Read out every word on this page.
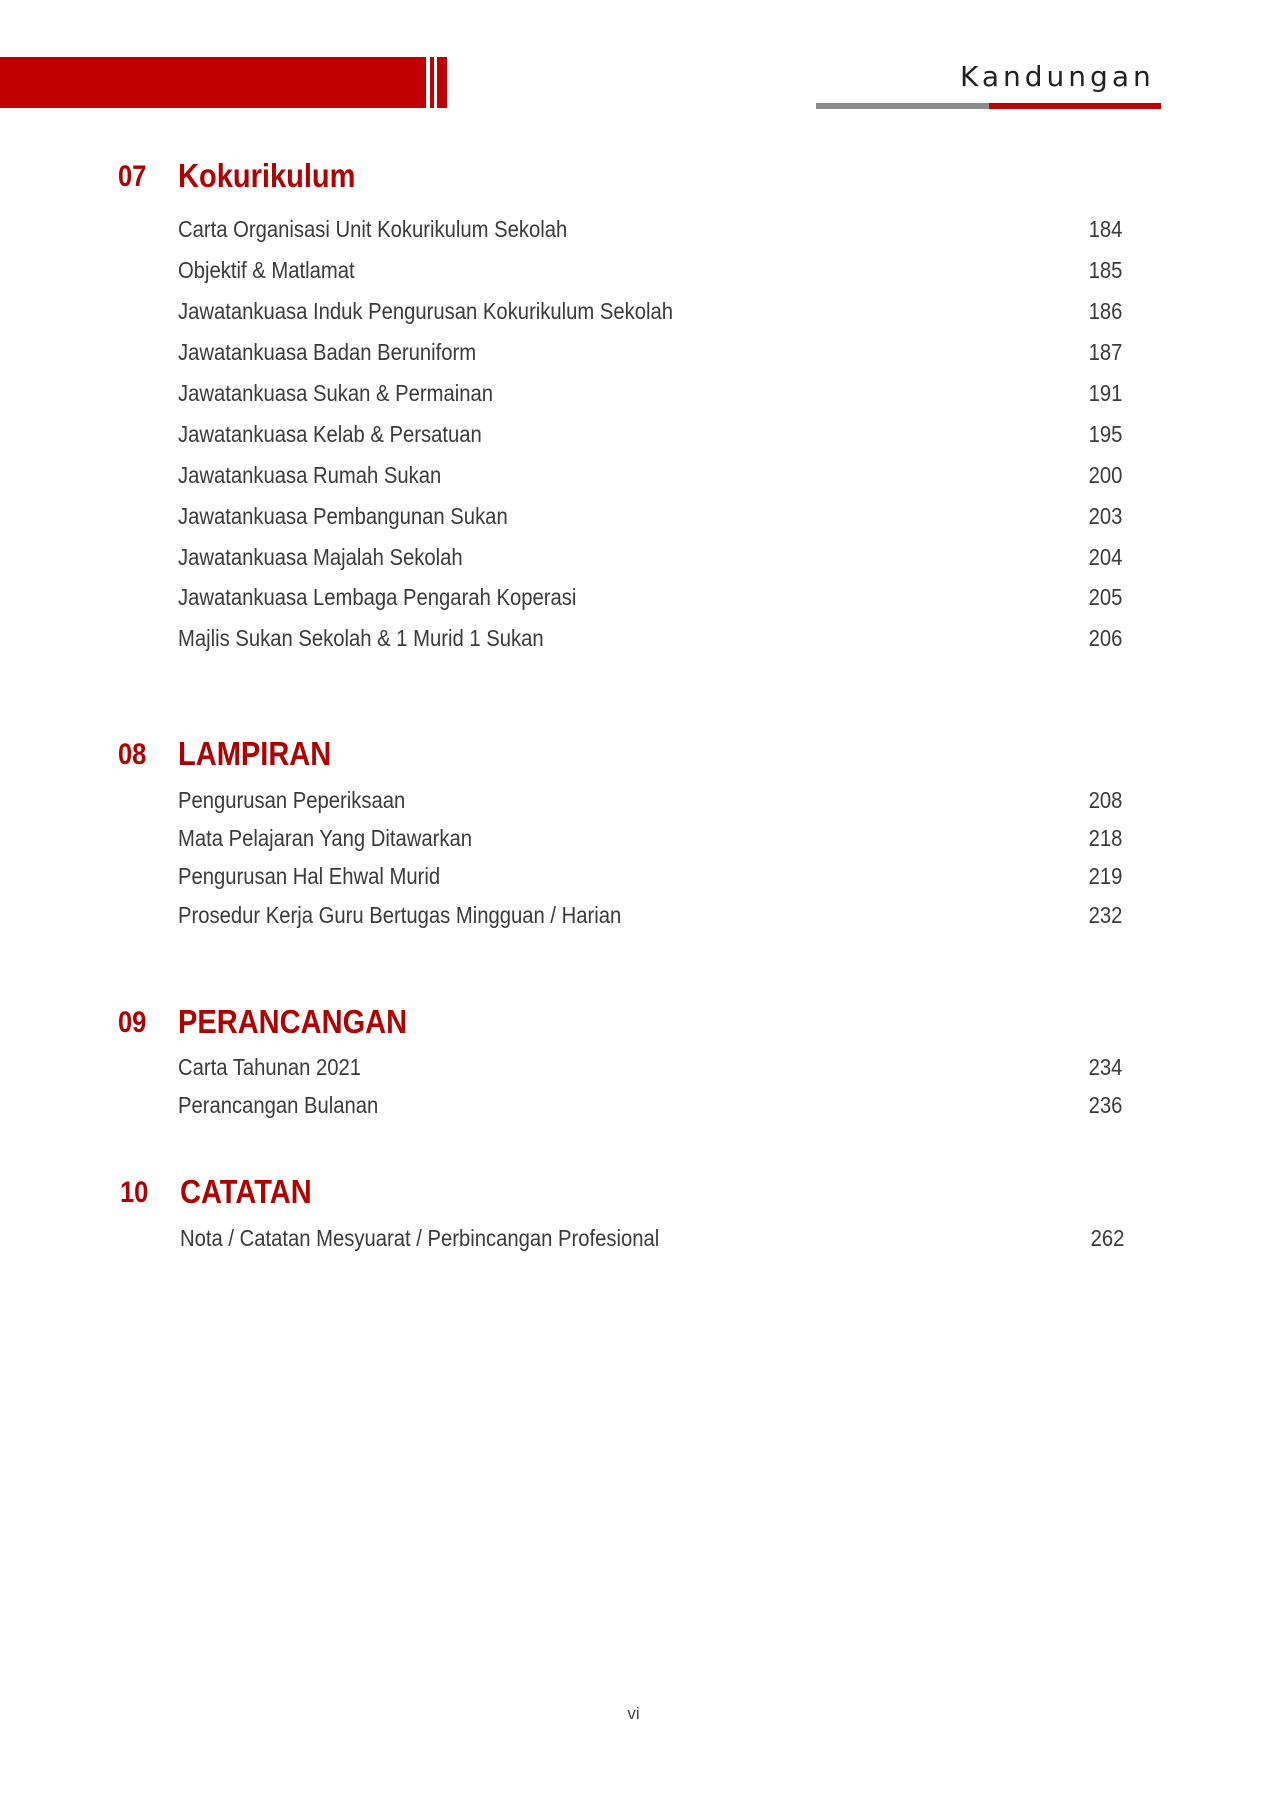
Kandungan
07 Kokurikulum
Carta Organisasi Unit Kokurikulum Sekolah	184
Objektif & Matlamat	185
Jawatankuasa Induk Pengurusan Kokurikulum Sekolah	186
Jawatankuasa Badan Beruniform	187
Jawatankuasa Sukan & Permainan	191
Jawatankuasa Kelab & Persatuan	195
Jawatankuasa Rumah Sukan	200
Jawatankuasa Pembangunan Sukan	203
Jawatankuasa Majalah Sekolah	204
Jawatankuasa Lembaga Pengarah Koperasi	205
Majlis Sukan Sekolah & 1 Murid 1 Sukan	206
08 LAMPIRAN
Pengurusan Peperiksaan	208
Mata Pelajaran Yang Ditawarkan	218
Pengurusan Hal Ehwal Murid	219
Prosedur Kerja Guru Bertugas Mingguan / Harian	232
09 PERANCANGAN
Carta Tahunan 2021	234
Perancangan Bulanan	236
10 CATATAN
Nota / Catatan Mesyuarat / Perbincangan Profesional	262
vi
